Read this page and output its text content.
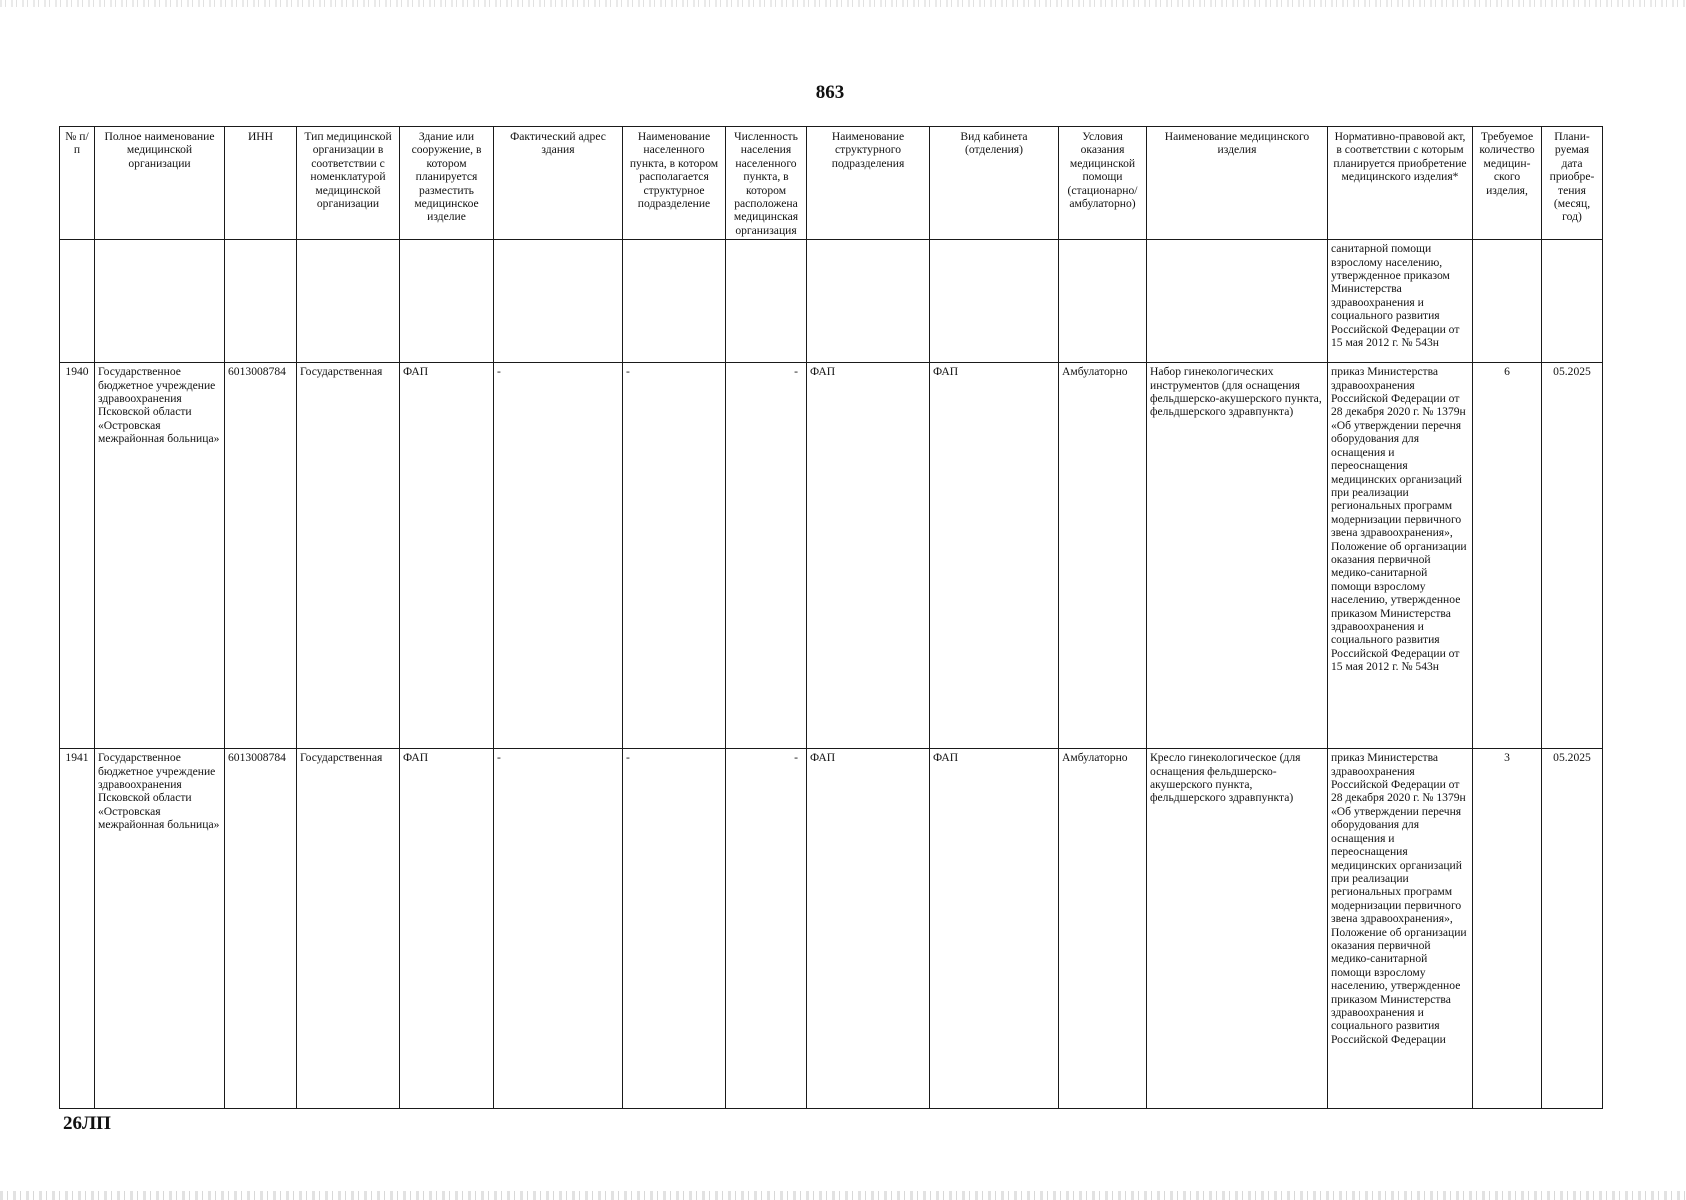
863
№ п/п	Полное наименование медицинской организации	ИНН	Тип медицинской организации в соответствии с номенклатурой медицинской организации	Здание или сооружение, в котором планируется разместить медицинское изделие	Фактический адрес здания	Наименование населенного пункта, в котором располагается структурное подразделение	Численность населения населенного пункта, в котором расположена медицинская организация	Наименование структурного подразделения	Вид кабинета (отделения)	Условия оказания медицинской помощи (стационарно/ амбулаторно)	Наименование медицинского изделия	Нормативно-правовой акт, в соответствии с которым планируется приобретение медицинского изделия*	Требуемое количество медицин-ского изделия,	Плани-руемая дата приобре-тения (месяц, год)
												санитарной помощи взрослому населению, утвержденное приказом Министерства здравоохранения и социального развития Российской Федерации от 15 мая 2012 г. № 543н		
1940	Государственное бюджетное учреждение здравоохранения Псковской области «Островская межрайонная больница»	6013008784	Государственная	ФАП	-	-	-	ФАП	ФАП	Амбулаторно	Набор гинекологических инструментов (для оснащения фельдшерско-акушерского пункта, фельдшерского здравпункта)	приказ Министерства здравоохранения Российской Федерации от 28 декабря 2020 г. № 1379н «Об утверждении перечня оборудования для оснащения и переоснащения медицинских организаций при реализации региональных программ модернизации первичного звена здравоохранения», Положение об организации оказания первичной медико-санитарной помощи взрослому населению, утвержденное приказом Министерства здравоохранения и социального развития Российской Федерации от 15 мая 2012 г. № 543н	6	05.2025
1941	Государственное бюджетное учреждение здравоохранения Псковской области «Островская межрайонная больница»	6013008784	Государственная	ФАП	-	-	-	ФАП	ФАП	Амбулаторно	Кресло гинекологическое (для оснащения фельдшерско-акушерского пункта, фельдшерского здравпункта)	приказ Министерства здравоохранения Российской Федерации от 28 декабря 2020 г. № 1379н «Об утверждении перечня оборудования для оснащения и переоснащения медицинских организаций при реализации региональных программ модернизации первичного звена здравоохранения», Положение об организации оказания первичной медико-санитарной помощи взрослому населению, утвержденное приказом Министерства здравоохранения и социального развития Российской Федерации	3	05.2025
26ЛП
